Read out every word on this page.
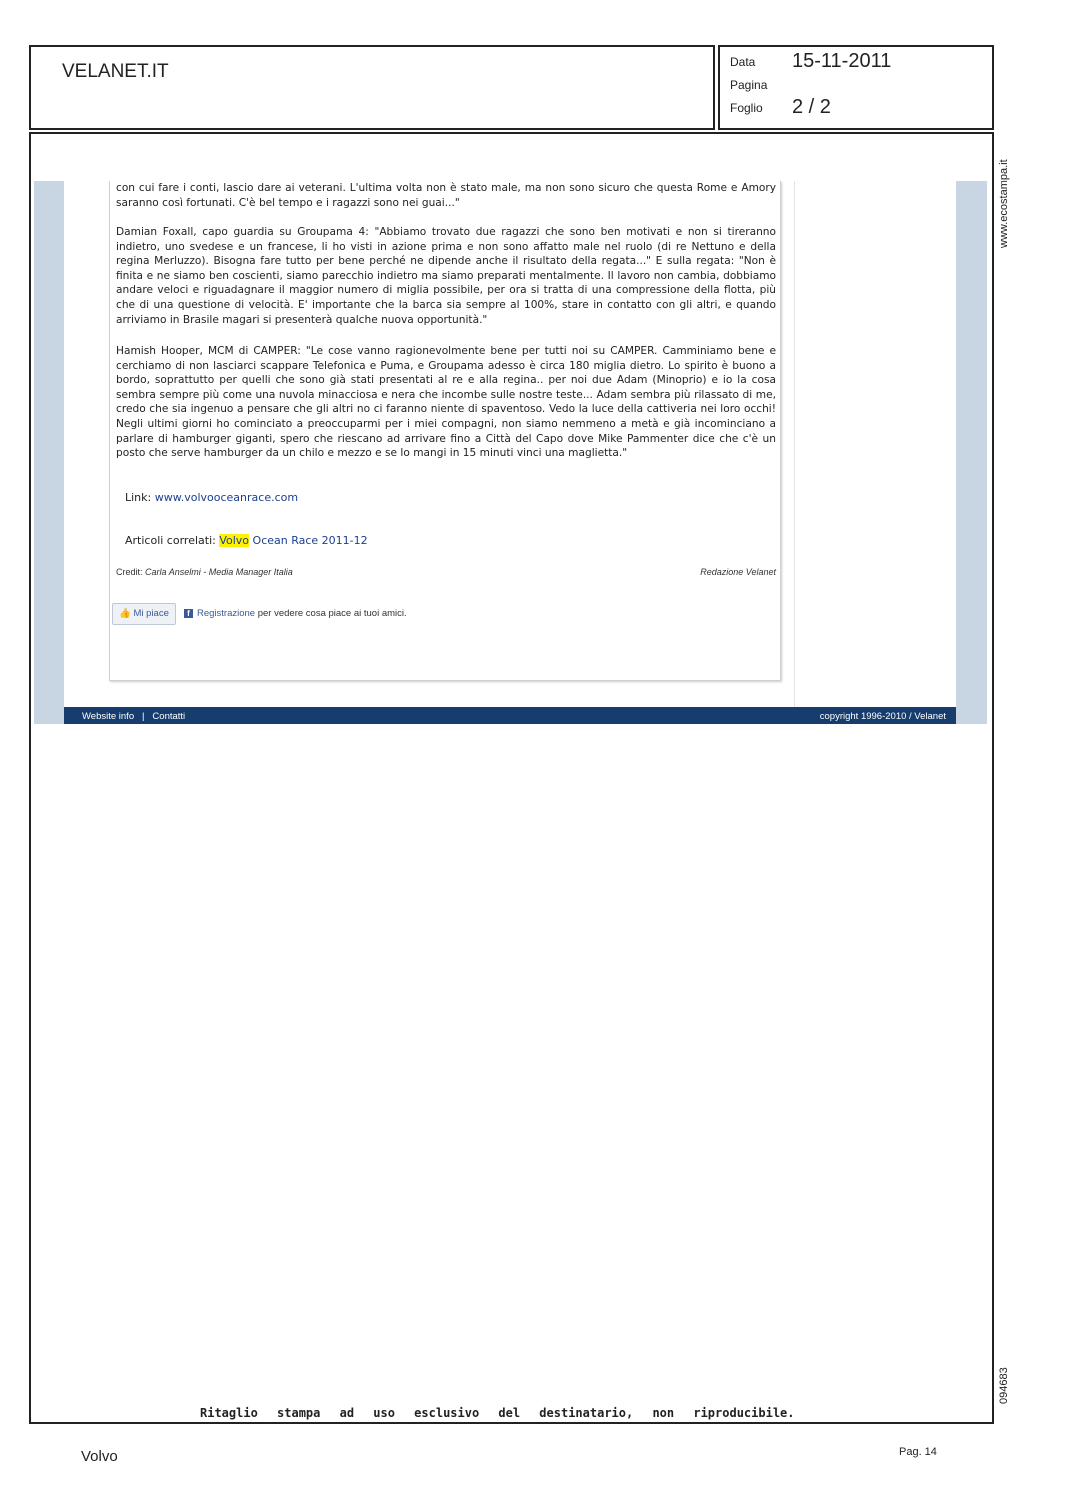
VELANET.IT	Data 15-11-2011
Pagina
Foglio 2 / 2
www.ecostampa.it
094683

con cui fare i conti, lascio dare ai veterani. L'ultima volta non è stato male, ma non sono sicuro che questa Rome e Amory saranno così fortunati. C'è bel tempo e i ragazzi sono nei guai..."

Damian Foxall, capo guardia su Groupama 4: "Abbiamo trovato due ragazzi che sono ben motivati e non si tireranno indietro, uno svedese e un francese, li ho visti in azione prima e non sono affatto male nel ruolo (di re Nettuno e della regina Merluzzo). Bisogna fare tutto per bene perché ne dipende anche il risultato della regata..." E sulla regata: "Non è finita e ne siamo ben coscienti, siamo parecchio indietro ma siamo preparati mentalmente. Il lavoro non cambia, dobbiamo andare veloci e riguadagnare il maggior numero di miglia possibile, per ora si tratta di una compressione della flotta, più che di una questione di velocità. E' importante che la barca sia sempre al 100%, stare in contatto con gli altri, e quando arriviamo in Brasile magari si presenterà qualche nuova opportunità."

Hamish Hooper, MCM di CAMPER: "Le cose vanno ragionevolmente bene per tutti noi su CAMPER. Camminiamo bene e cerchiamo di non lasciarci scappare Telefonica e Puma, e Groupama adesso è circa 180 miglia dietro. Lo spirito è buono a bordo, soprattutto per quelli che sono già stati presentati al re e alla regina.. per noi due Adam (Minoprio) e io la cosa sembra sempre più come una nuvola minacciosa e nera che incombe sulle nostre teste... Adam sembra più rilassato di me, credo che sia ingenuo a pensare che gli altri no ci faranno niente di spaventoso. Vedo la luce della cattiveria nei loro occhi! Negli ultimi giorni ho cominciato a preoccuparmi per i miei compagni, non siamo nemmeno a metà e già incominciano a parlare di hamburger giganti, spero che riescano ad arrivare fino a Città del Capo dove Mike Pammenter dice che c'è un posto che serve hamburger da un chilo e mezzo e se lo mangi in 15 minuti vinci una maglietta."

Link: www.volvooceanrace.com
Articoli correlati: Volvo Ocean Race 2011-12
Credit: Carla Anselmi - Media Manager Italia	Redazione Velanet
👍 Mi piace	f Registrazione per vedere cosa piace ai tuoi amici.
Website info | Contatti	copyright 1996-2010 / Velanet
Ritaglio stampa ad uso esclusivo del destinatario, non riproducibile.
Volvo	Pag. 14
